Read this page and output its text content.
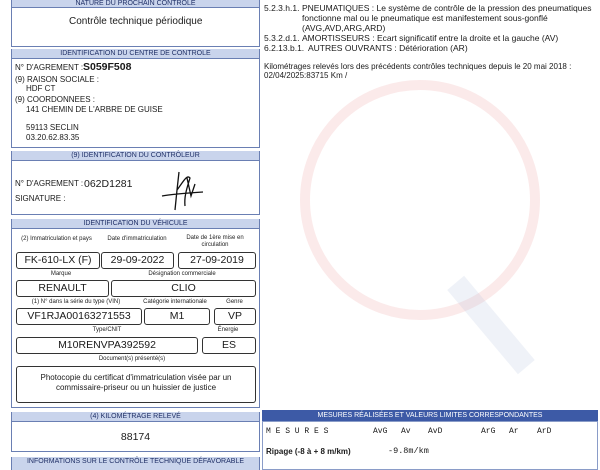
NATURE DU PROCHAIN CONTROLE
Contrôle technique périodique
IDENTIFICATION DU CENTRE DE CONTROLE
N° D'AGREMENT : S059F508
(9) RAISON SOCIALE :
HDF CT
(9) COORDONNEES :
141 CHEMIN DE L'ARBRE DE GUISE
59113 SECLIN
03.20.62.83.35
(9) IDENTIFICATION DU CONTRÔLEUR
N° D'AGREMENT : 062D1281
SIGNATURE :
IDENTIFICATION DU VÉHICULE
(2) Immatriculation et pays	Date d'immatriculation	Date de 1ère mise en circulation
FK-610-LX (F)	29-09-2022	27-09-2019
Marque	Désignation commerciale
RENAULT	CLIO
(1) N° dans la série du type (VIN)	Catégorie internationale	Genre
VF1RJA00163271553	M1	VP
Type/CNIT	Énergie
M10RENVPA392592	ES
Document(s) présenté(s)
Photocopie du certificat d'immatriculation visée par un commissaire-priseur ou un huissier de justice
(4) KILOMÉTRAGE RELEVÉ
88174
INFORMATIONS SUR LE CONTRÔLE TECHNIQUE DÉFAVORABLE
5.2.3.h.1. PNEUMATIQUES : Le système de contrôle de la pression des pneumatiques fonctionne mal ou le pneumatique est manifestement sous-gonflé (AVG,AVD,ARG,ARD)
5.3.2.d.1. AMORTISSEURS : Ecart significatif entre la droite et la gauche (AV)
6.2.13.b.1. AUTRES OUVRANTS : Détérioration (AR)
Kilométrages relevés lors des précédents contrôles techniques depuis le 20 mai 2018 :
02/04/2025:83715 Km /
MESURES RÉALISÉES ET VALEURS LIMITES CORRESPONDANTES
M E S U R E S	AvG Av AvD	ArG Ar ArD
Ripage (-8 à + 8 m/km)	-9.8m/km
